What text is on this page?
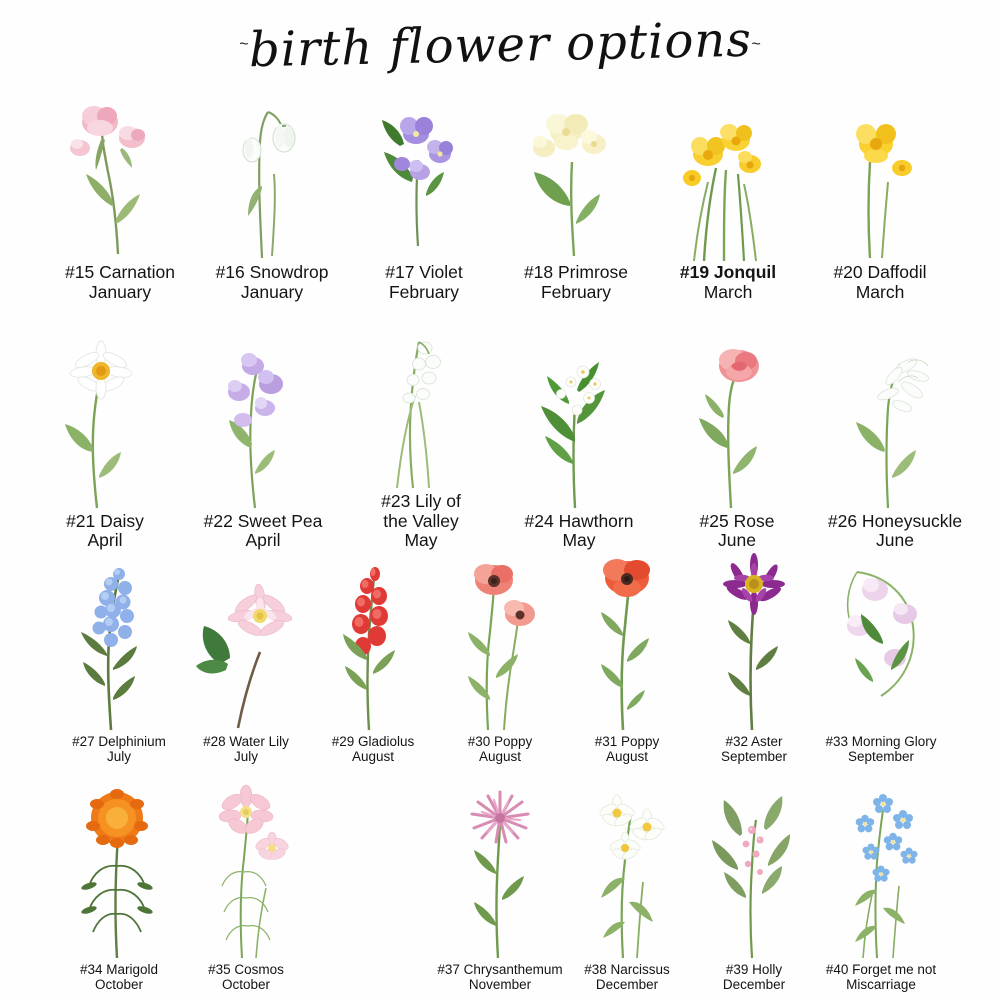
~ birth flower options ~
#15 Carnation
January
#16 Snowdrop
January
#17 Violet
February
#18 Primrose
February
#19 Jonquil
March
#20 Daffodil
March
#21 Daisy
April
#22 Sweet Pea
April
#23 Lily of
the Valley
May
#24 Hawthorn
May
#25 Rose
June
#26 Honeysuckle
June
#27 Delphinium
July
#28 Water Lily
July
#29 Gladiolus
August
#30 Poppy
August
#31 Poppy
August
#32 Aster
September
#33 Morning Glory
September
#34 Marigold
October
#35 Cosmos
October
#37 Chrysanthemum
November
#38 Narcissus
December
#39 Holly
December
#40 Forget me not
Miscarriage
